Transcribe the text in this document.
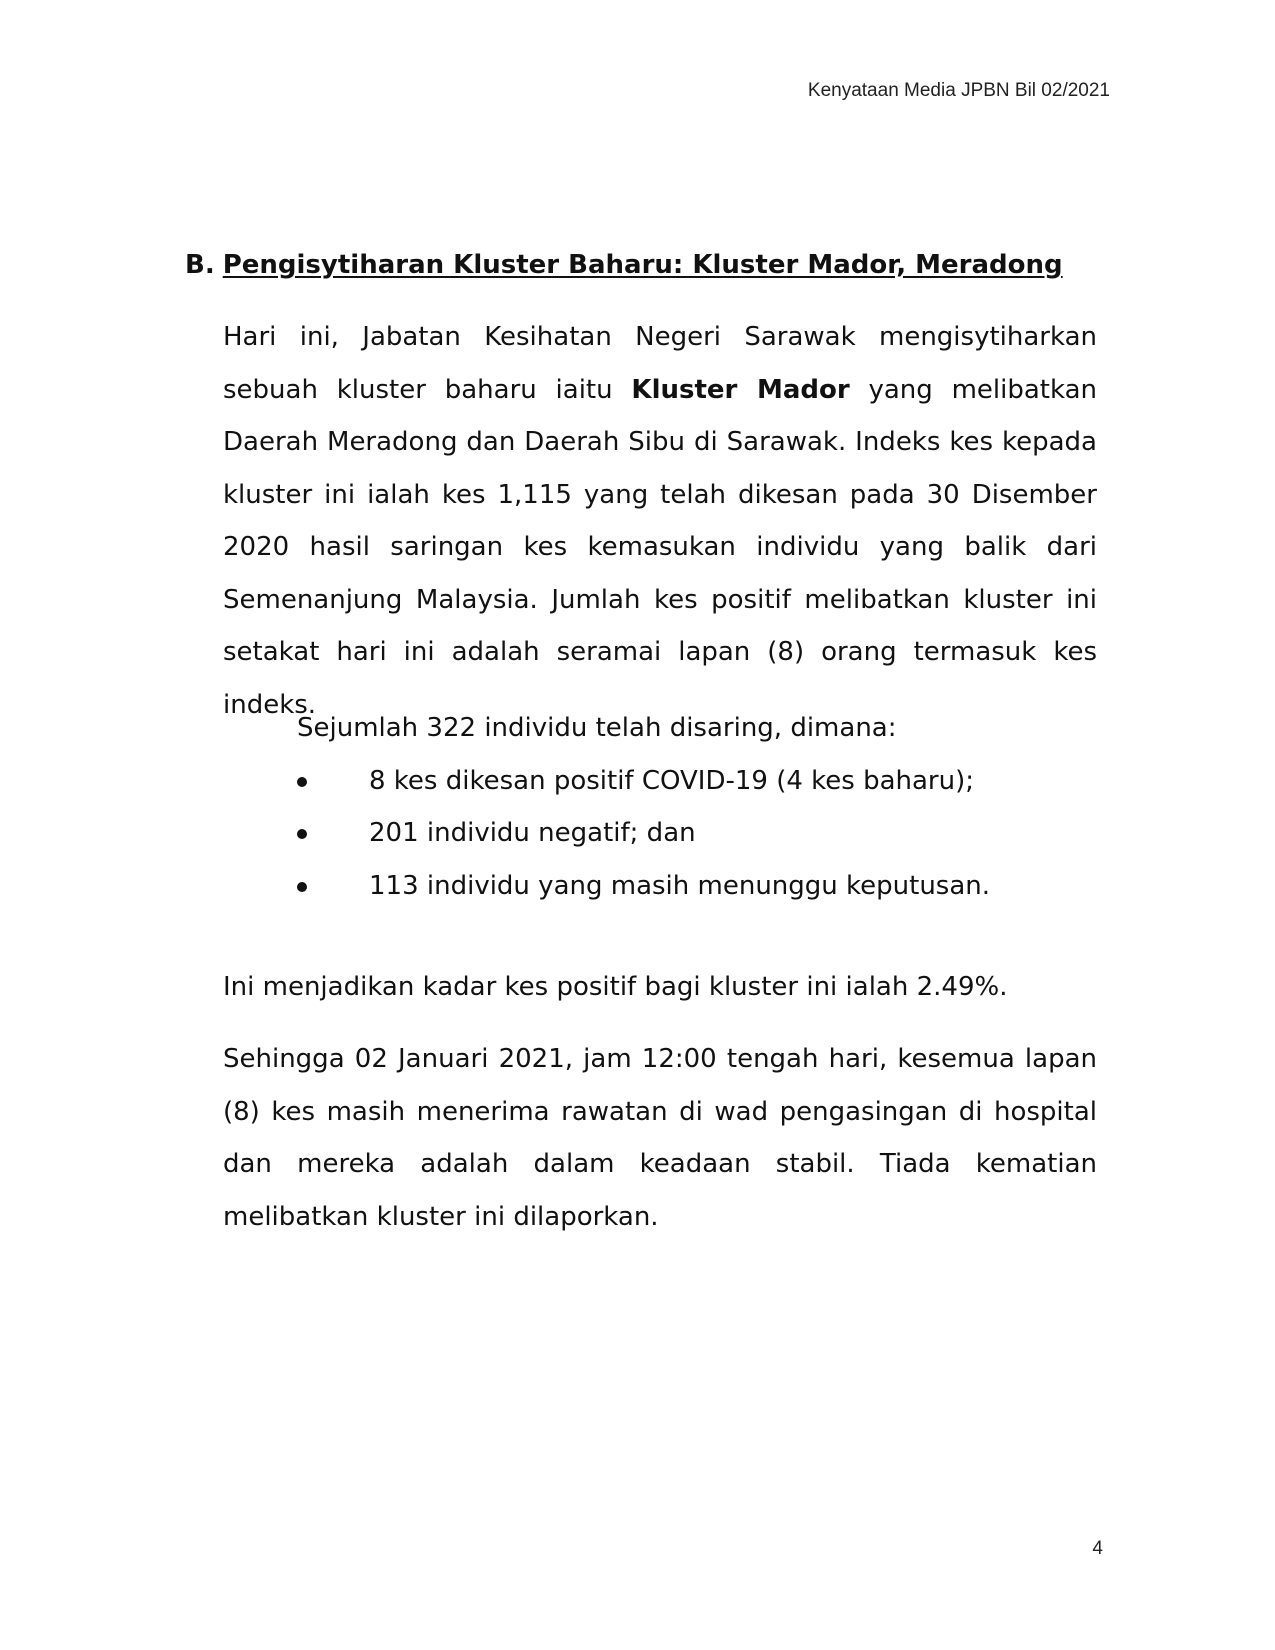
Kenyataan Media JPBN Bil 02/2021

B. Pengisytiharan Kluster Baharu: Kluster Mador, Meradong

Hari ini, Jabatan Kesihatan Negeri Sarawak mengisytiharkan sebuah kluster baharu iaitu Kluster Mador yang melibatkan Daerah Meradong dan Daerah Sibu di Sarawak. Indeks kes kepada kluster ini ialah kes 1,115 yang telah dikesan pada 30 Disember 2020 hasil saringan kes kemasukan individu yang balik dari Semenanjung Malaysia. Jumlah kes positif melibatkan kluster ini setakat hari ini adalah seramai lapan (8) orang termasuk kes indeks.

Sejumlah 322 individu telah disaring, dimana:

8 kes dikesan positif COVID-19 (4 kes baharu);
201 individu negatif; dan
113 individu yang masih menunggu keputusan.

Ini menjadikan kadar kes positif bagi kluster ini ialah 2.49%.

Sehingga 02 Januari 2021, jam 12:00 tengah hari, kesemua lapan (8) kes masih menerima rawatan di wad pengasingan di hospital dan mereka adalah dalam keadaan stabil. Tiada kematian melibatkan kluster ini dilaporkan.

4
